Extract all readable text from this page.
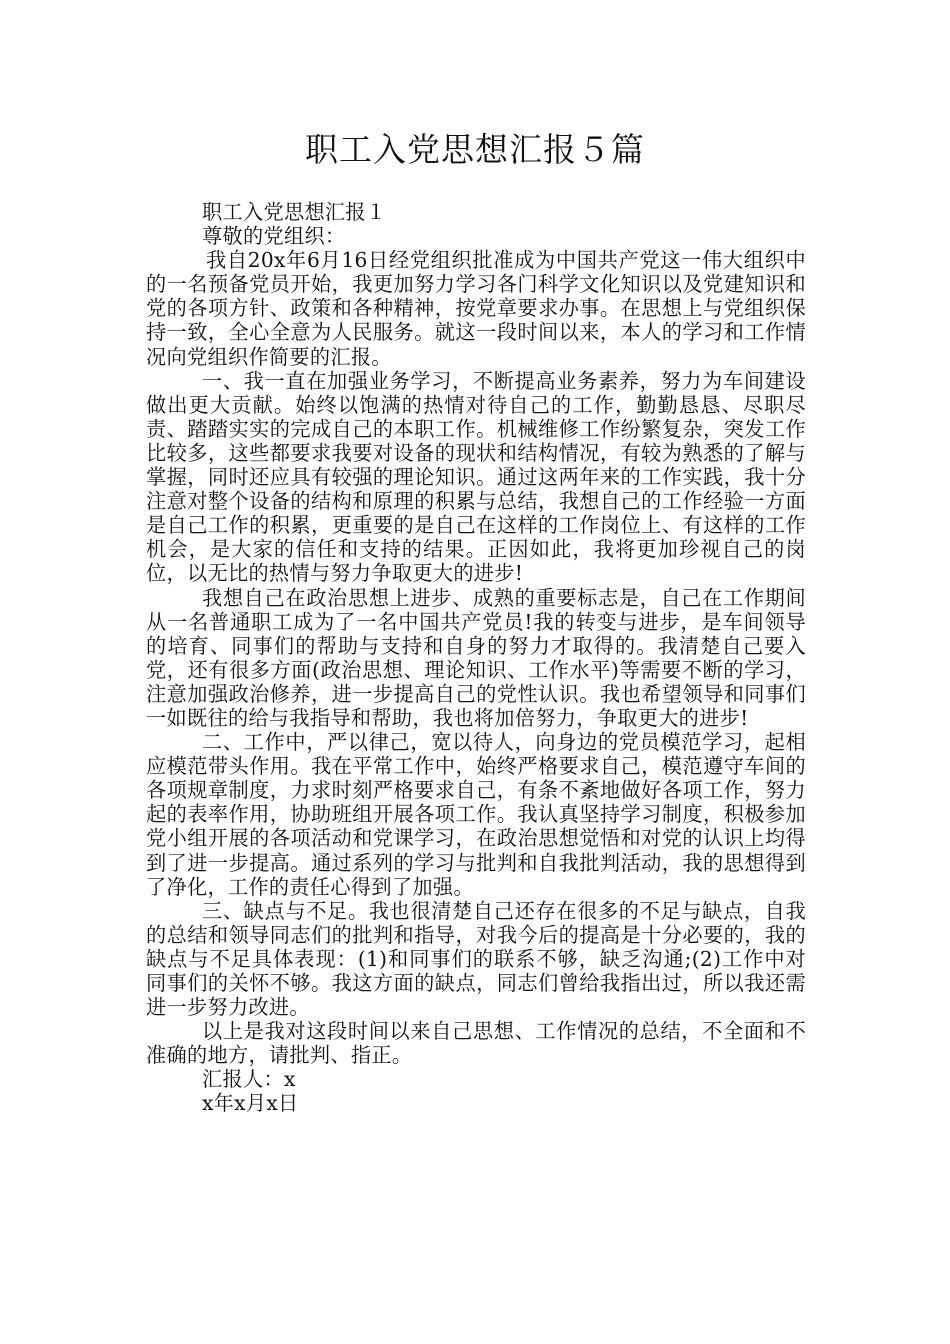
职工入党思想汇报５篇

职工入党思想汇报１

尊敬的党组织：

我自20x年6月16日经党组织批准成为中国共产党这一伟大组织中的一名预备党员开始，我更加努力学习各门科学文化知识以及党建知识和党的各项方针、政策和各种精神，按党章要求办事。在思想上与党组织保持一致，全心全意为人民服务。就这一段时间以来，本人的学习和工作情况向党组织作简要的汇报。

一、我一直在加强业务学习，不断提高业务素养，努力为车间建设做出更大贡献。始终以饱满的热情对待自己的工作，勤勤恳恳、尽职尽责、踏踏实实的完成自己的本职工作。机械维修工作纷繁复杂，突发工作比较多，这些都要求我要对设备的现状和结构情况，有较为熟悉的了解与掌握，同时还应具有较强的理论知识。通过这两年来的工作实践，我十分注意对整个设备的结构和原理的积累与总结，我想自己的工作经验一方面是自己工作的积累，更重要的是自己在这样的工作岗位上、有这样的工作机会，是大家的信任和支持的结果。正因如此，我将更加珍视自己的岗位，以无比的热情与努力争取更大的进步!

我想自己在政治思想上进步、成熟的重要标志是，自己在工作期间从一名普通职工成为了一名中国共产党员!我的转变与进步，是车间领导的培育、同事们的帮助与支持和自身的努力才取得的。我清楚自己要入党，还有很多方面(政治思想、理论知识、工作水平)等需要不断的学习，注意加强政治修养，进一步提高自己的党性认识。我也希望领导和同事们一如既往的给与我指导和帮助，我也将加倍努力，争取更大的进步!

二、工作中，严以律己，宽以待人，向身边的党员模范学习，起相应模范带头作用。我在平常工作中，始终严格要求自己，模范遵守车间的各项规章制度，力求时刻严格要求自己，有条不紊地做好各项工作，努力起的表率作用，协助班组开展各项工作。我认真坚持学习制度，积极参加党小组开展的各项活动和党课学习，在政治思想觉悟和对党的认识上均得到了进一步提高。通过系列的学习与批判和自我批判活动，我的思想得到了净化，工作的责任心得到了加强。

三、缺点与不足。我也很清楚自己还存在很多的不足与缺点，自我的总结和领导同志们的批判和指导，对我今后的提高是十分必要的，我的缺点与不足具体表现：(1)和同事们的联系不够，缺乏沟通;(2)工作中对同事们的关怀不够。我这方面的缺点，同志们曾给我指出过，所以我还需进一步努力改进。

以上是我对这段时间以来自己思想、工作情况的总结，不全面和不准确的地方，请批判、指正。

汇报人：x

x年x月x日
